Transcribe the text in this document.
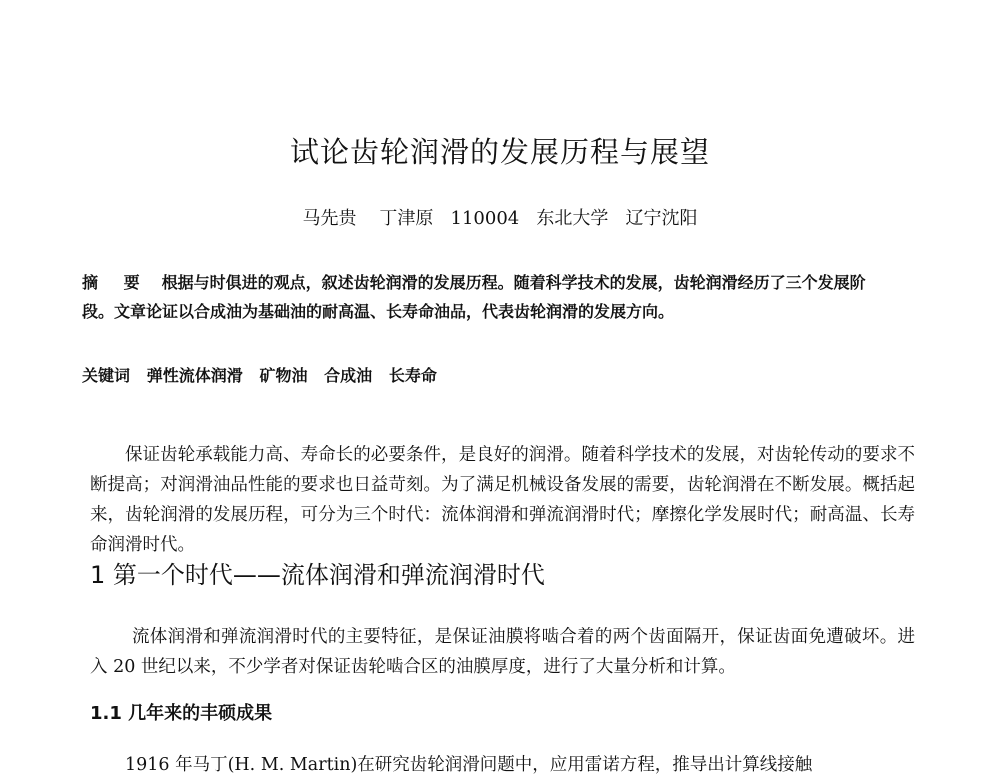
试论齿轮润滑的发展历程与展望
马先贵    丁津原   110004   东北大学   辽宁沈阳
摘 要 根据与时俱进的观点，叙述齿轮润滑的发展历程。随着科学技术的发展，齿轮润滑经历了三个发展阶段。文章论证以合成油为基础油的耐高温、长寿命油品，代表齿轮润滑的发展方向。
关键词 弹性流体润滑   矿物油   合成油   长寿命

保证齿轮承载能力高、寿命长的必要条件，是良好的润滑。随着科学技术的发展，对齿轮传动的要求不断提高；对润滑油品性能的要求也日益苛刻。为了满足机械设备发展的需要，齿轮润滑在不断发展。概括起来，齿轮润滑的发展历程，可分为三个时代：流体润滑和弹流润滑时代；摩擦化学发展时代；耐高温、长寿命润滑时代。

1 第一个时代——流体润滑和弹流润滑时代

流体润滑和弹流润滑时代的主要特征，是保证油膜将啮合着的两个齿面隔开，保证齿面免遭破坏。进入 20 世纪以来，不少学者对保证齿轮啮合区的油膜厚度，进行了大量分析和计算。

1.1 几年来的丰硕成果

1916 年马丁(H. M. Martin)在研究齿轮润滑问题中，应用雷诺方程，推导出计算线接触
